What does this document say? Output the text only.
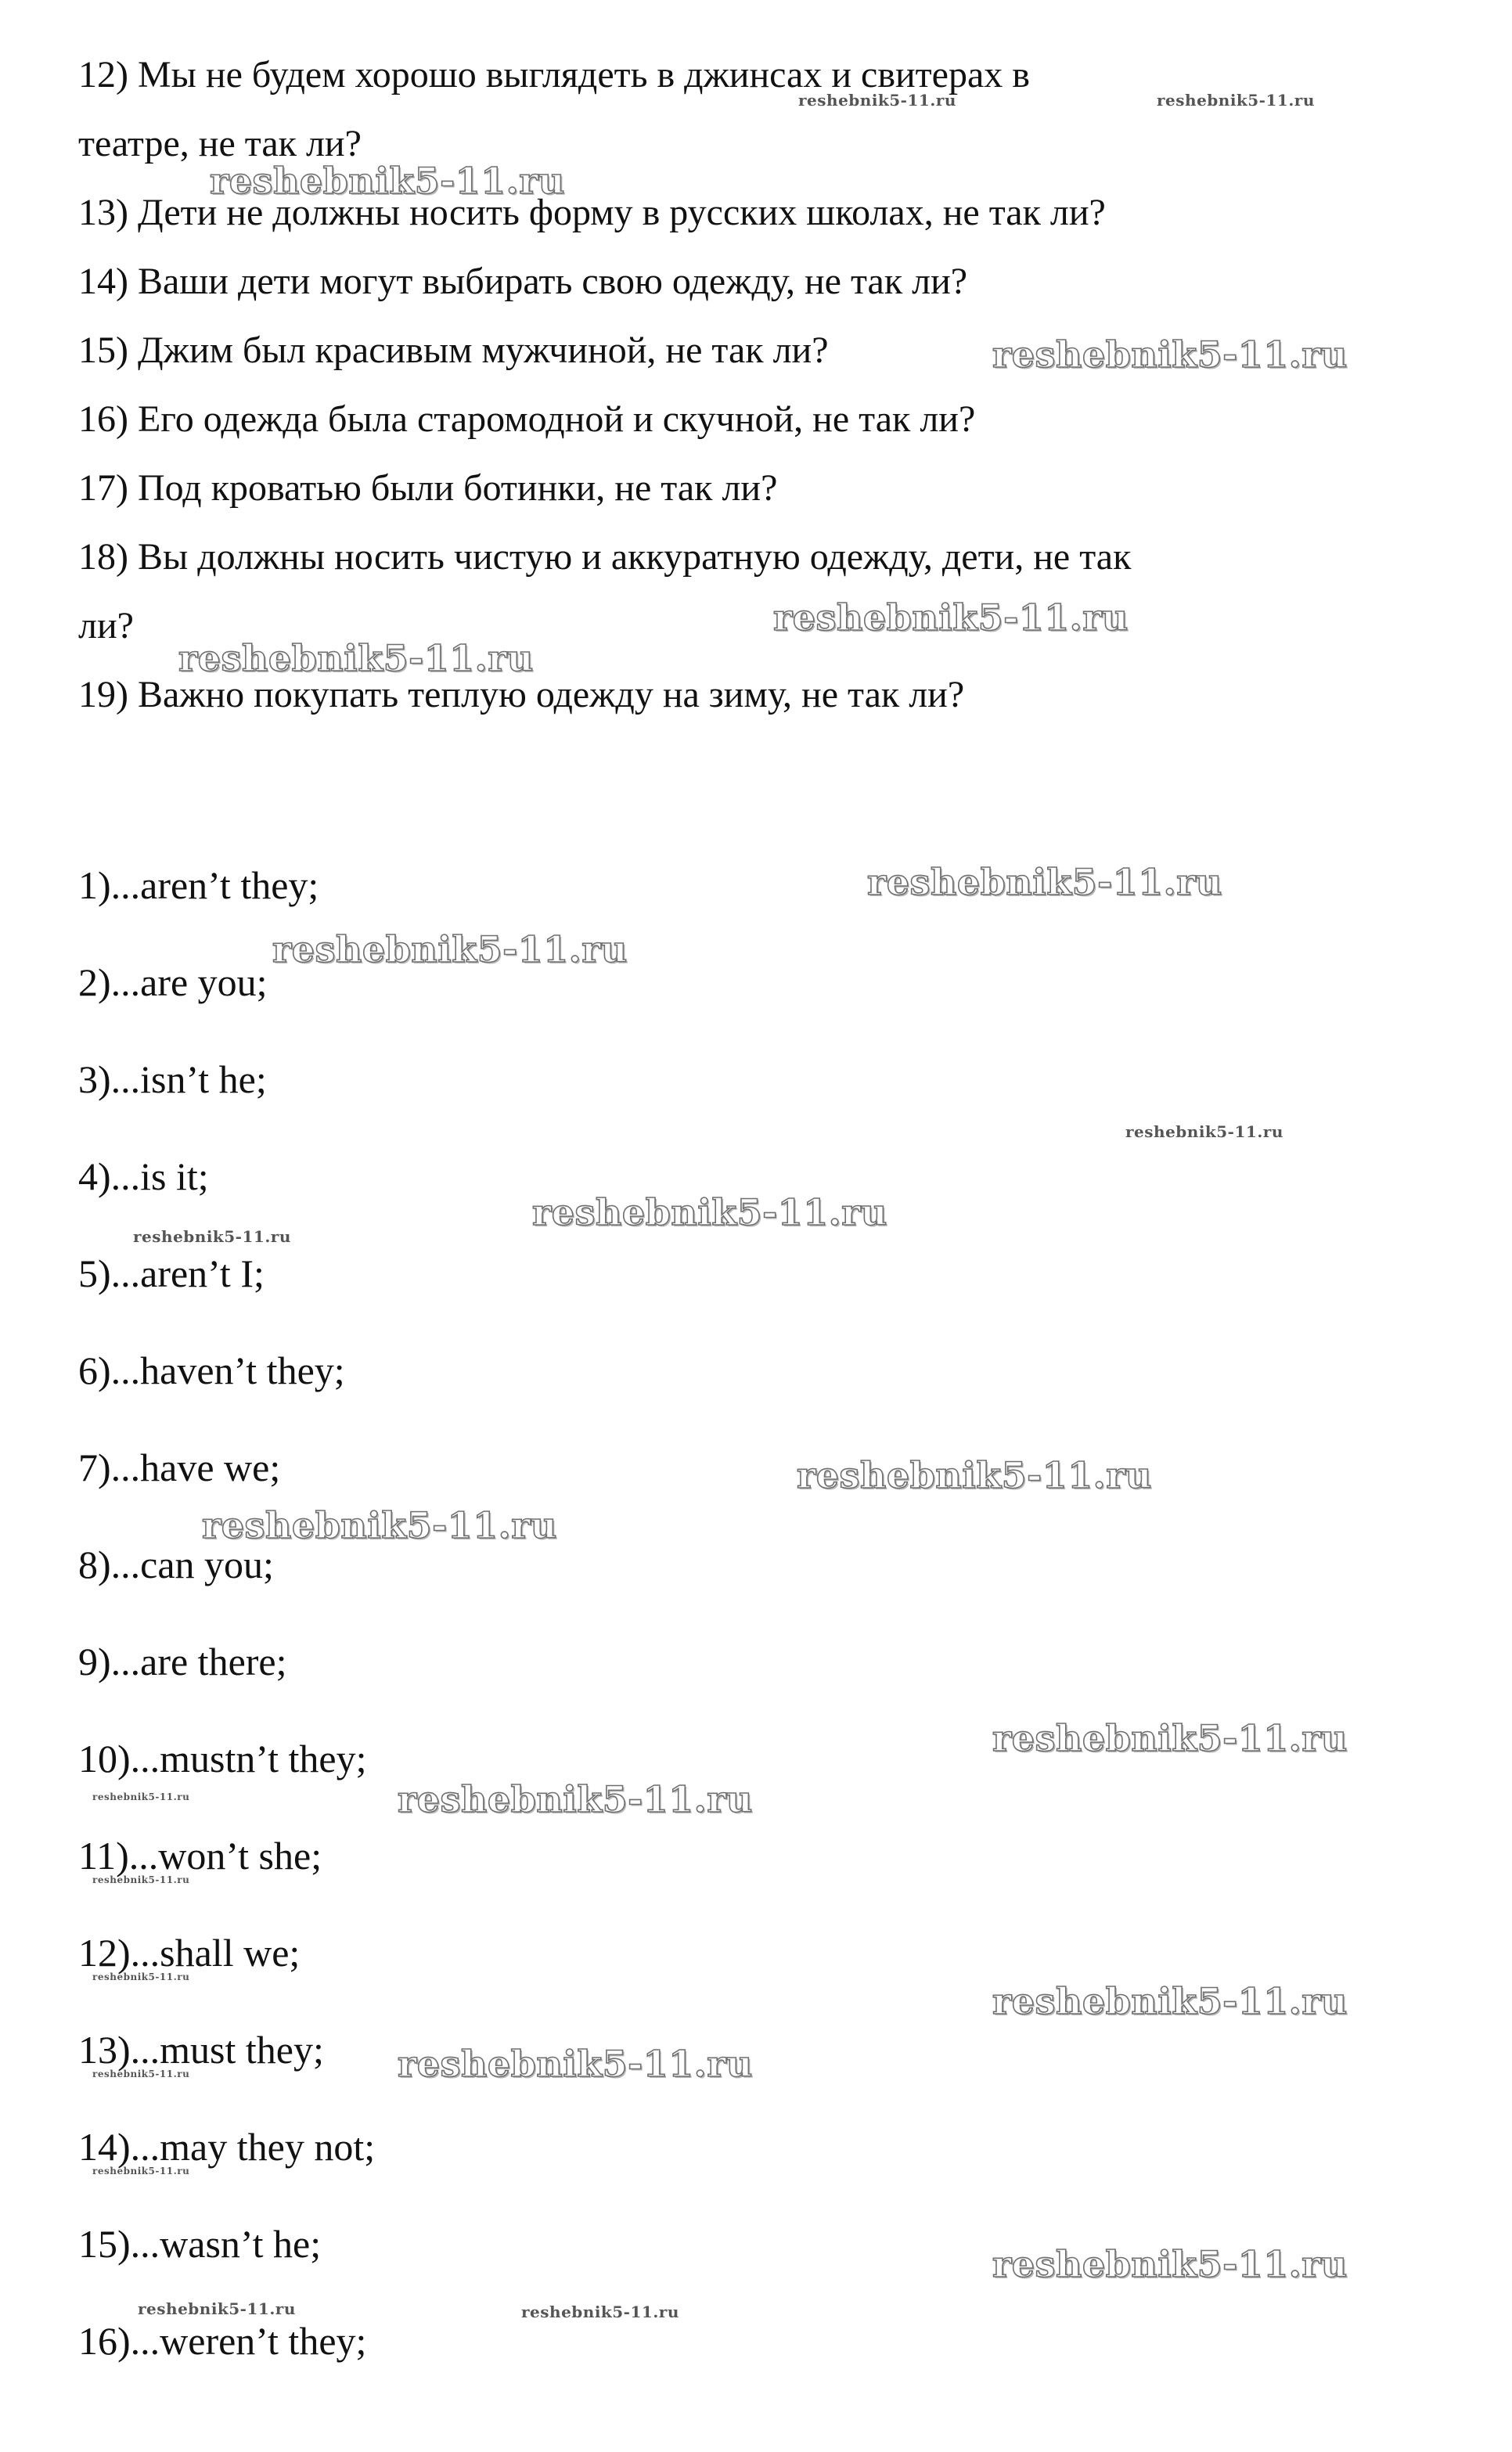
12) Мы не будем хорошо выглядеть в джинсах и свитерах в
театре, не так ли?
13) Дети не должны носить форму в русских школах, не так ли?
14) Ваши дети могут выбирать свою одежду, не так ли?
15) Джим был красивым мужчиной, не так ли?
16) Его одежда была старомодной и скучной, не так ли?
17) Под кроватью были ботинки, не так ли?
18) Вы должны носить чистую и аккуратную одежду, дети, не так
ли?
19) Важно покупать теплую одежду на зиму, не так ли?
1)...aren’t they;
2)...are you;
3)...isn’t he;
4)...is it;
5)...aren’t I;
6)...haven’t they;
7)...have we;
8)...can you;
9)...are there;
10)...mustn’t they;
11)...won’t she;
12)...shall we;
13)...must they;
14)...may they not;
15)...wasn’t he;
16)...weren’t they;
reshebnik5-11.ru	reshebnik5-11.ru
reshebnik5-11.ru
reshebnik5-11.ru
reshebnik5-11.ru
reshebnik5-11.ru
reshebnik5-11.ru
reshebnik5-11.ru
reshebnik5-11.ru
reshebnik5-11.ru
reshebnik5-11.ru
reshebnik5-11.ru
reshebnik5-11.ru
reshebnik5-11.ru
reshebnik5-11.ru
reshebnik5-11.ru
reshebnik5-11.ru
reshebnik5-11.ru
reshebnik5-11.ru
reshebnik5-11.ru
reshebnik5-11.ru
reshebnik5-11.ru
reshebnik5-11.ru
reshebnik5-11.ru	reshebnik5-11.ru
